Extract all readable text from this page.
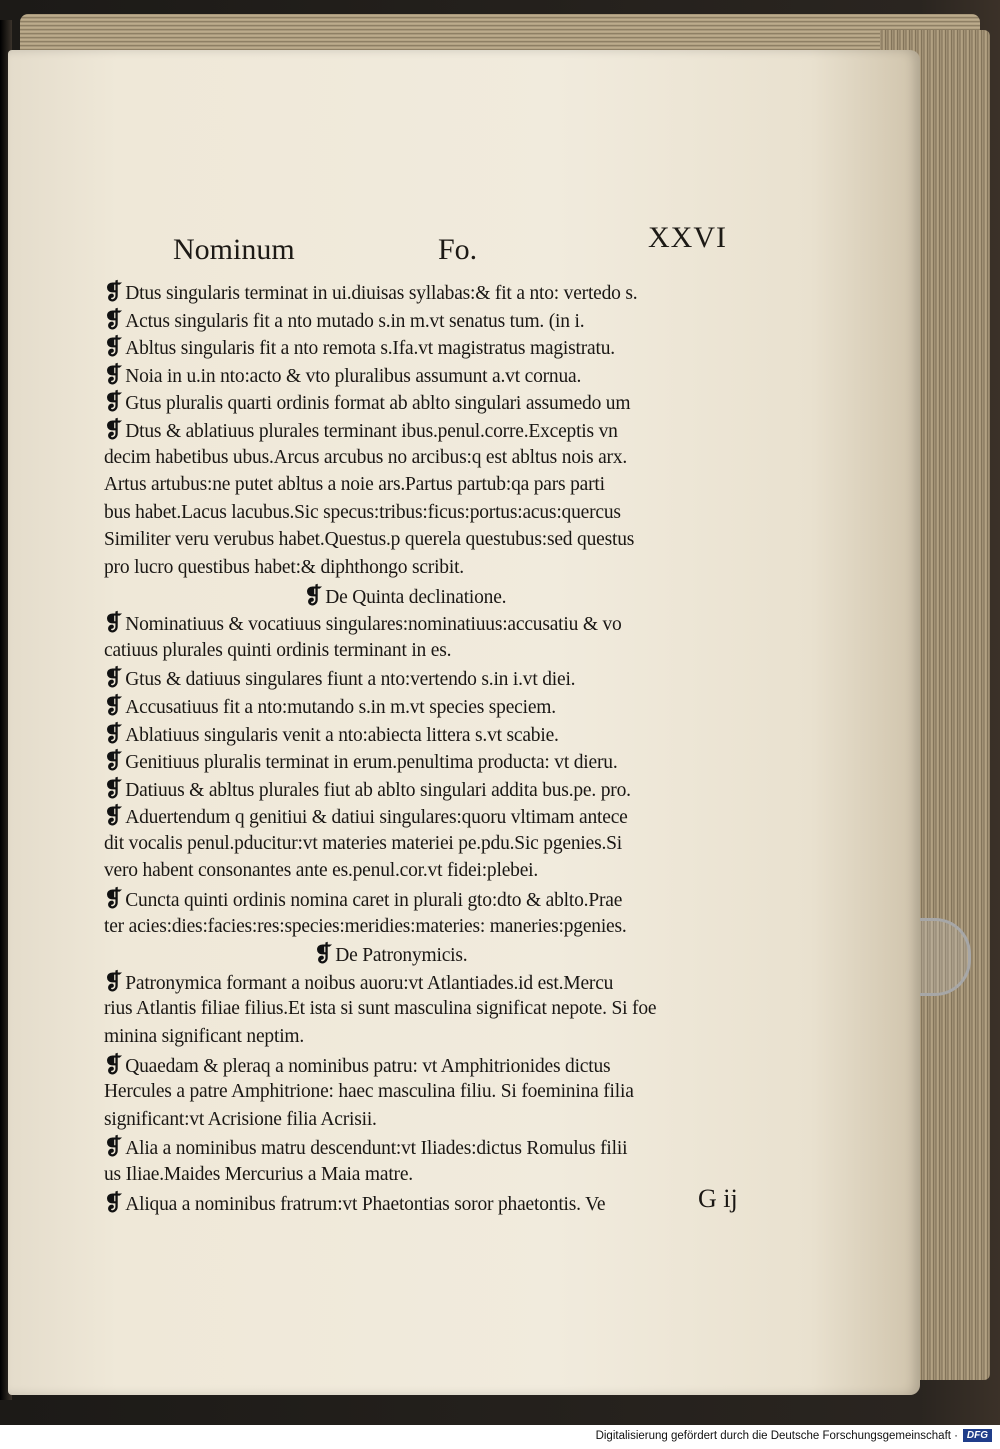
Nominum	Fo.	XXVI
❡ Dtus singularis terminat in ui.diuisas syllabas:& fit a nto: vertedo s.
❡ Actus singularis fit a nto mutado s.in m.vt senatus tum. (in i.
❡ Abltus singularis fit a nto remota s.Ifa.vt magistratus magistratu.
❡ Noia in u.in nto:acto & vto pluralibus assumunt a.vt cornua.
❡ Gtus pluralis quarti ordinis format ab ablto singulari assumedo um
❡ Dtus & ablatiuus plurales terminant ibus.penul.corre.Exceptis vn
decim habetibus ubus.Arcus arcubus no arcibus:q est abltus nois arx.
Artus artubus:ne putet abltus a noie ars.Partus partub:qa pars parti
bus habet.Lacus lacubus.Sic specus:tribus:ficus:portus:acus:quercus
Similiter veru verubus habet.Questus.p querela questubus:sed questus
pro lucro questibus habet:& diphthongo scribit.
❡ De Quinta declinatione.
❡ Nominatiuus & vocatiuus singulares:nominatiuus:accusatiu & vo
catiuus plurales quinti ordinis terminant in es.
❡ Gtus & datiuus singulares fiunt a nto:vertendo s.in i.vt diei.
❡ Accusatiuus fit a nto:mutando s.in m.vt species speciem.
❡ Ablatiuus singularis venit a nto:abiecta littera s.vt scabie.
❡ Genitiuus pluralis terminat in erum.penultima producta: vt dieru.
❡ Datiuus & abltus plurales fiut ab ablto singulari addita bus.pe. pro.
❡ Aduertendum q genitiui & datiui singulares:quoru vltimam antece
dit vocalis penul.pducitur:vt materies materiei pe.pdu.Sic pgenies.Si
vero habent consonantes ante es.penul.cor.vt fidei:plebei.
❡ Cuncta quinti ordinis nomina caret in plurali gto:dto & ablto.Prae
ter acies:dies:facies:res:species:meridies:materies: maneries:pgenies.
❡ De Patronymicis.
❡ Patronymica formant a noibus auoru:vt Atlantiades.id est.Mercu
rius Atlantis filiae filius.Et ista si sunt masculina significat nepote. Si foe
minina significant neptim.
❡ Quaedam & pleraq a nominibus patru: vt Amphitrionides dictus
Hercules a patre Amphitrione: haec masculina filiu. Si foeminina filia
significant:vt Acrisione filia Acrisii.
❡ Alia a nominibus matru descendunt:vt Iliades:dictus Romulus filii
us Iliae.Maides Mercurius a Maia matre.
❡ Aliqua a nominibus fratrum:vt Phaetontias soror phaetontis. Ve	G ij
Digitalisierung gefördert durch die Deutsche Forschungsgemeinschaft · DFG
